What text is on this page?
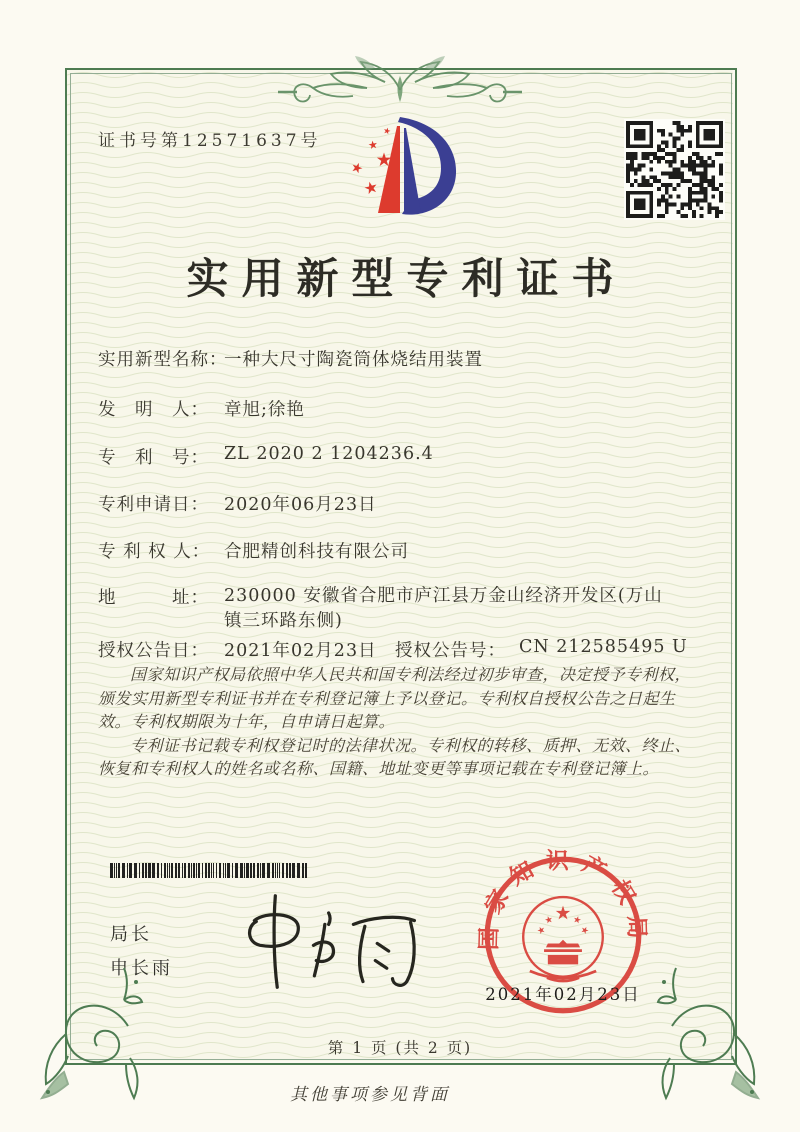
证书号第12571637号
实用新型专利证书
实用新型名称：
一种大尺寸陶瓷筒体烧结用装置
发　明　人： 章旭;徐艳
专　利　号： ZL 2020 2 1204236.4
专利申请日： 2020年06月23日
专 利 权 人： 合肥精创科技有限公司
地　　　址： 230000 安徽省合肥市庐江县万金山经济开发区(万山镇三环路东侧)
授权公告日： 2021年02月23日 授权公告号： CN 212585495 U

国家知识产权局依照中华人民共和国专利法经过初步审查，决定授予专利权，颁发实用新型专利证书并在专利登记簿上予以登记。专利权自授权公告之日起生效。专利权期限为十年，自申请日起算。

专利证书记载专利权登记时的法律状况。专利权的转移、质押、无效、终止、恢复和专利权人的姓名或名称、国籍、地址变更等事项记载在专利登记簿上。

局长
申长雨
国家知识产权局
2021年02月23日
第 1 页 (共 2 页)
其他事项参见背面
